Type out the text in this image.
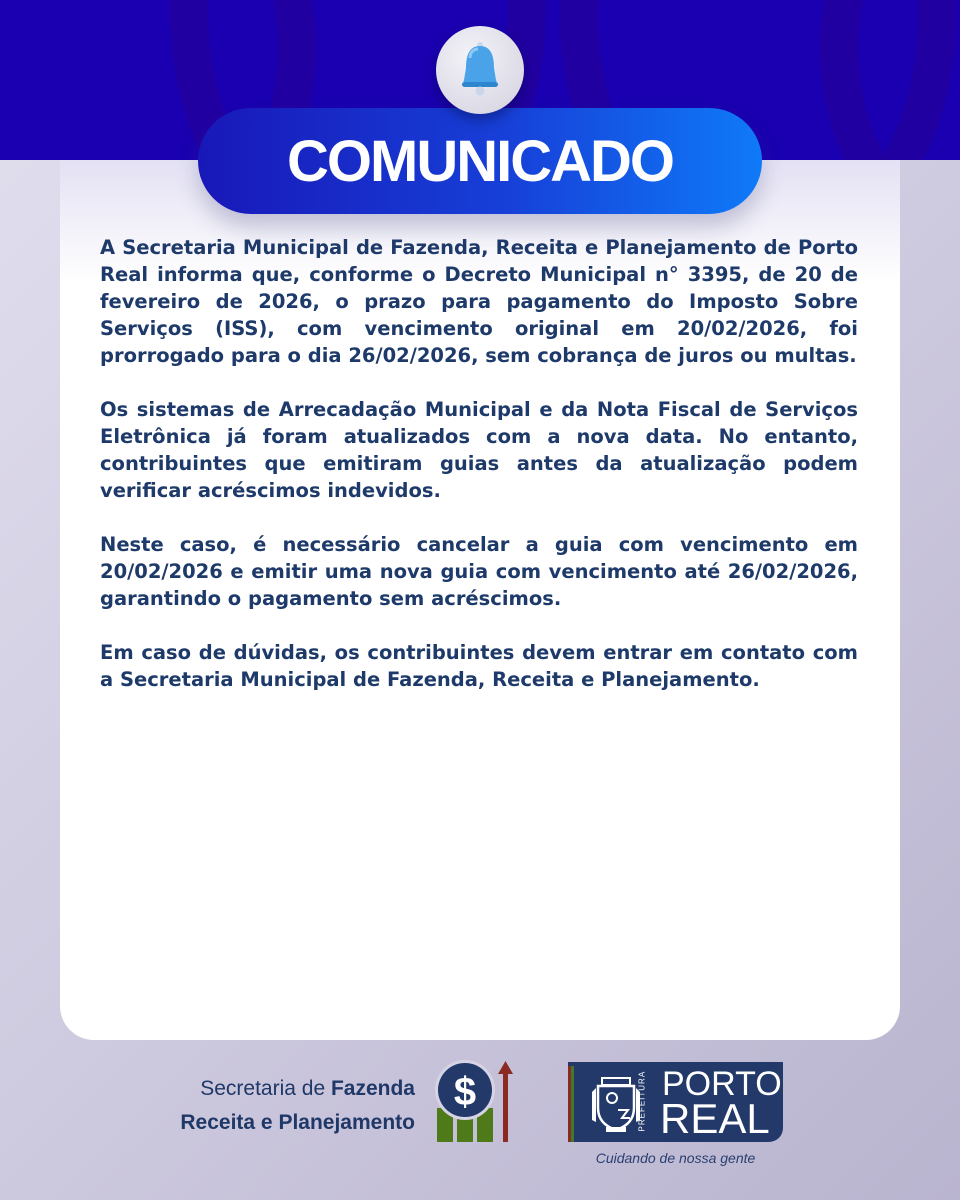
COMUNICADO

A Secretaria Municipal de Fazenda, Receita e Planejamento de Porto Real informa que, conforme o Decreto Municipal n° 3395, de 20 de fevereiro de 2026, o prazo para pagamento do Imposto Sobre Serviços (ISS), com vencimento original em 20/02/2026, foi prorrogado para o dia 26/02/2026, sem cobrança de juros ou multas.

Os sistemas de Arrecadação Municipal e da Nota Fiscal de Serviços Eletrônica já foram atualizados com a nova data. No entanto, contribuintes que emitiram guias antes da atualização podem verificar acréscimos indevidos.

Neste caso, é necessário cancelar a guia com vencimento em 20/02/2026 e emitir uma nova guia com vencimento até 26/02/2026, garantindo o pagamento sem acréscimos.

Em caso de dúvidas, os contribuintes devem entrar em contato com a Secretaria Municipal de Fazenda, Receita e Planejamento.

Secretaria de Fazenda
Receita e Planejamento
$	PREFEITURA PORTO
REAL
Cuidando de nossa gente
